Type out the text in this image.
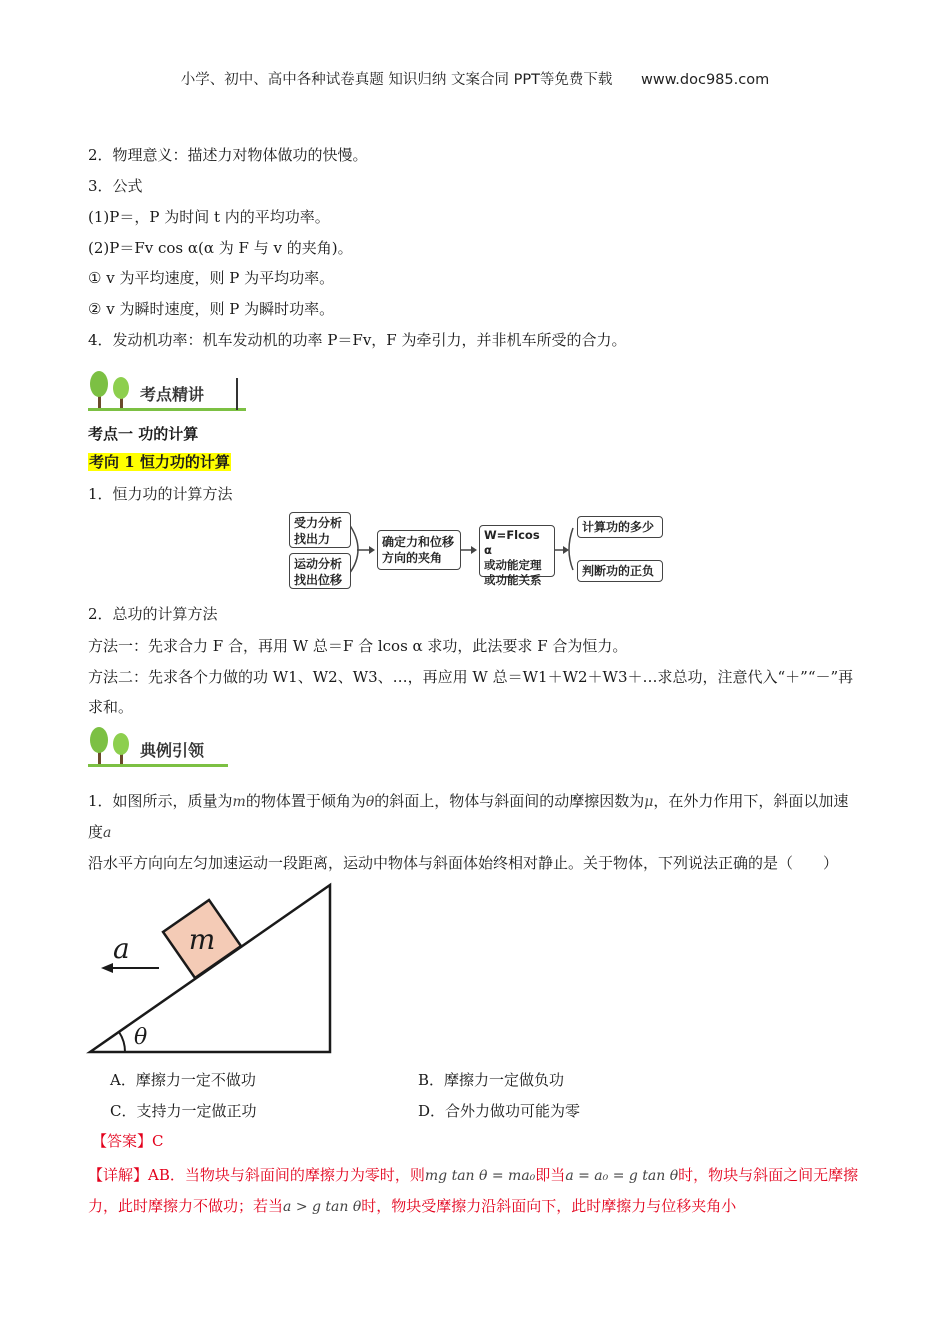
小学、初中、高中各种试卷真题 知识归纳 文案合同 PPT等免费下载 www.doc985.com
2．物理意义：描述力对物体做功的快慢。
3．公式
(1)P＝，P 为时间 t 内的平均功率。
(2)P＝Fv cos α(α 为 F 与 v 的夹角)。
① v 为平均速度，则 P 为平均功率。
② v 为瞬时速度，则 P 为瞬时功率。
4．发动机功率：机车发动机的功率 P＝Fv，F 为牵引力，并非机车所受的合力。
考点精讲
考点一 功的计算
考向 1 恒力功的计算
1．恒力功的计算方法
受力分析
找出力
运动分析
找出位移
确定力和位移
方向的夹角
W=Flcos α
或动能定理
或功能关系
计算功的多少
判断功的正负
2．总功的计算方法
方法一：先求合力 F 合，再用 W 总＝F 合 lcos α 求功，此法要求 F 合为恒力。
方法二：先求各个力做的功 W1、W2、W3、…，再应用 W 总＝W1＋W2＋W3＋…求总功，注意代入“＋”“－”再求和。
典例引领
1．如图所示，质量为m的物体置于倾角为θ的斜面上，物体与斜面间的动摩擦因数为μ，在外力作用下，斜面以加速度a沿水平方向向左匀加速运动一段距离，运动中物体与斜面体始终相对静止。关于物体，下列说法正确的是（　　）
m
a
θ
A．摩擦力一定不做功	B．摩擦力一定做负功
C．支持力一定做正功	D．合外力做功可能为零
【答案】C
【详解】AB．当物块与斜面间的摩擦力为零时，则mg tan θ = ma₀即当a = a₀ = g tan θ时，物块与斜面之间无摩擦力，此时摩擦力不做功；若当a > g tan θ时，物块受摩擦力沿斜面向下，此时摩擦力与位移夹角小
